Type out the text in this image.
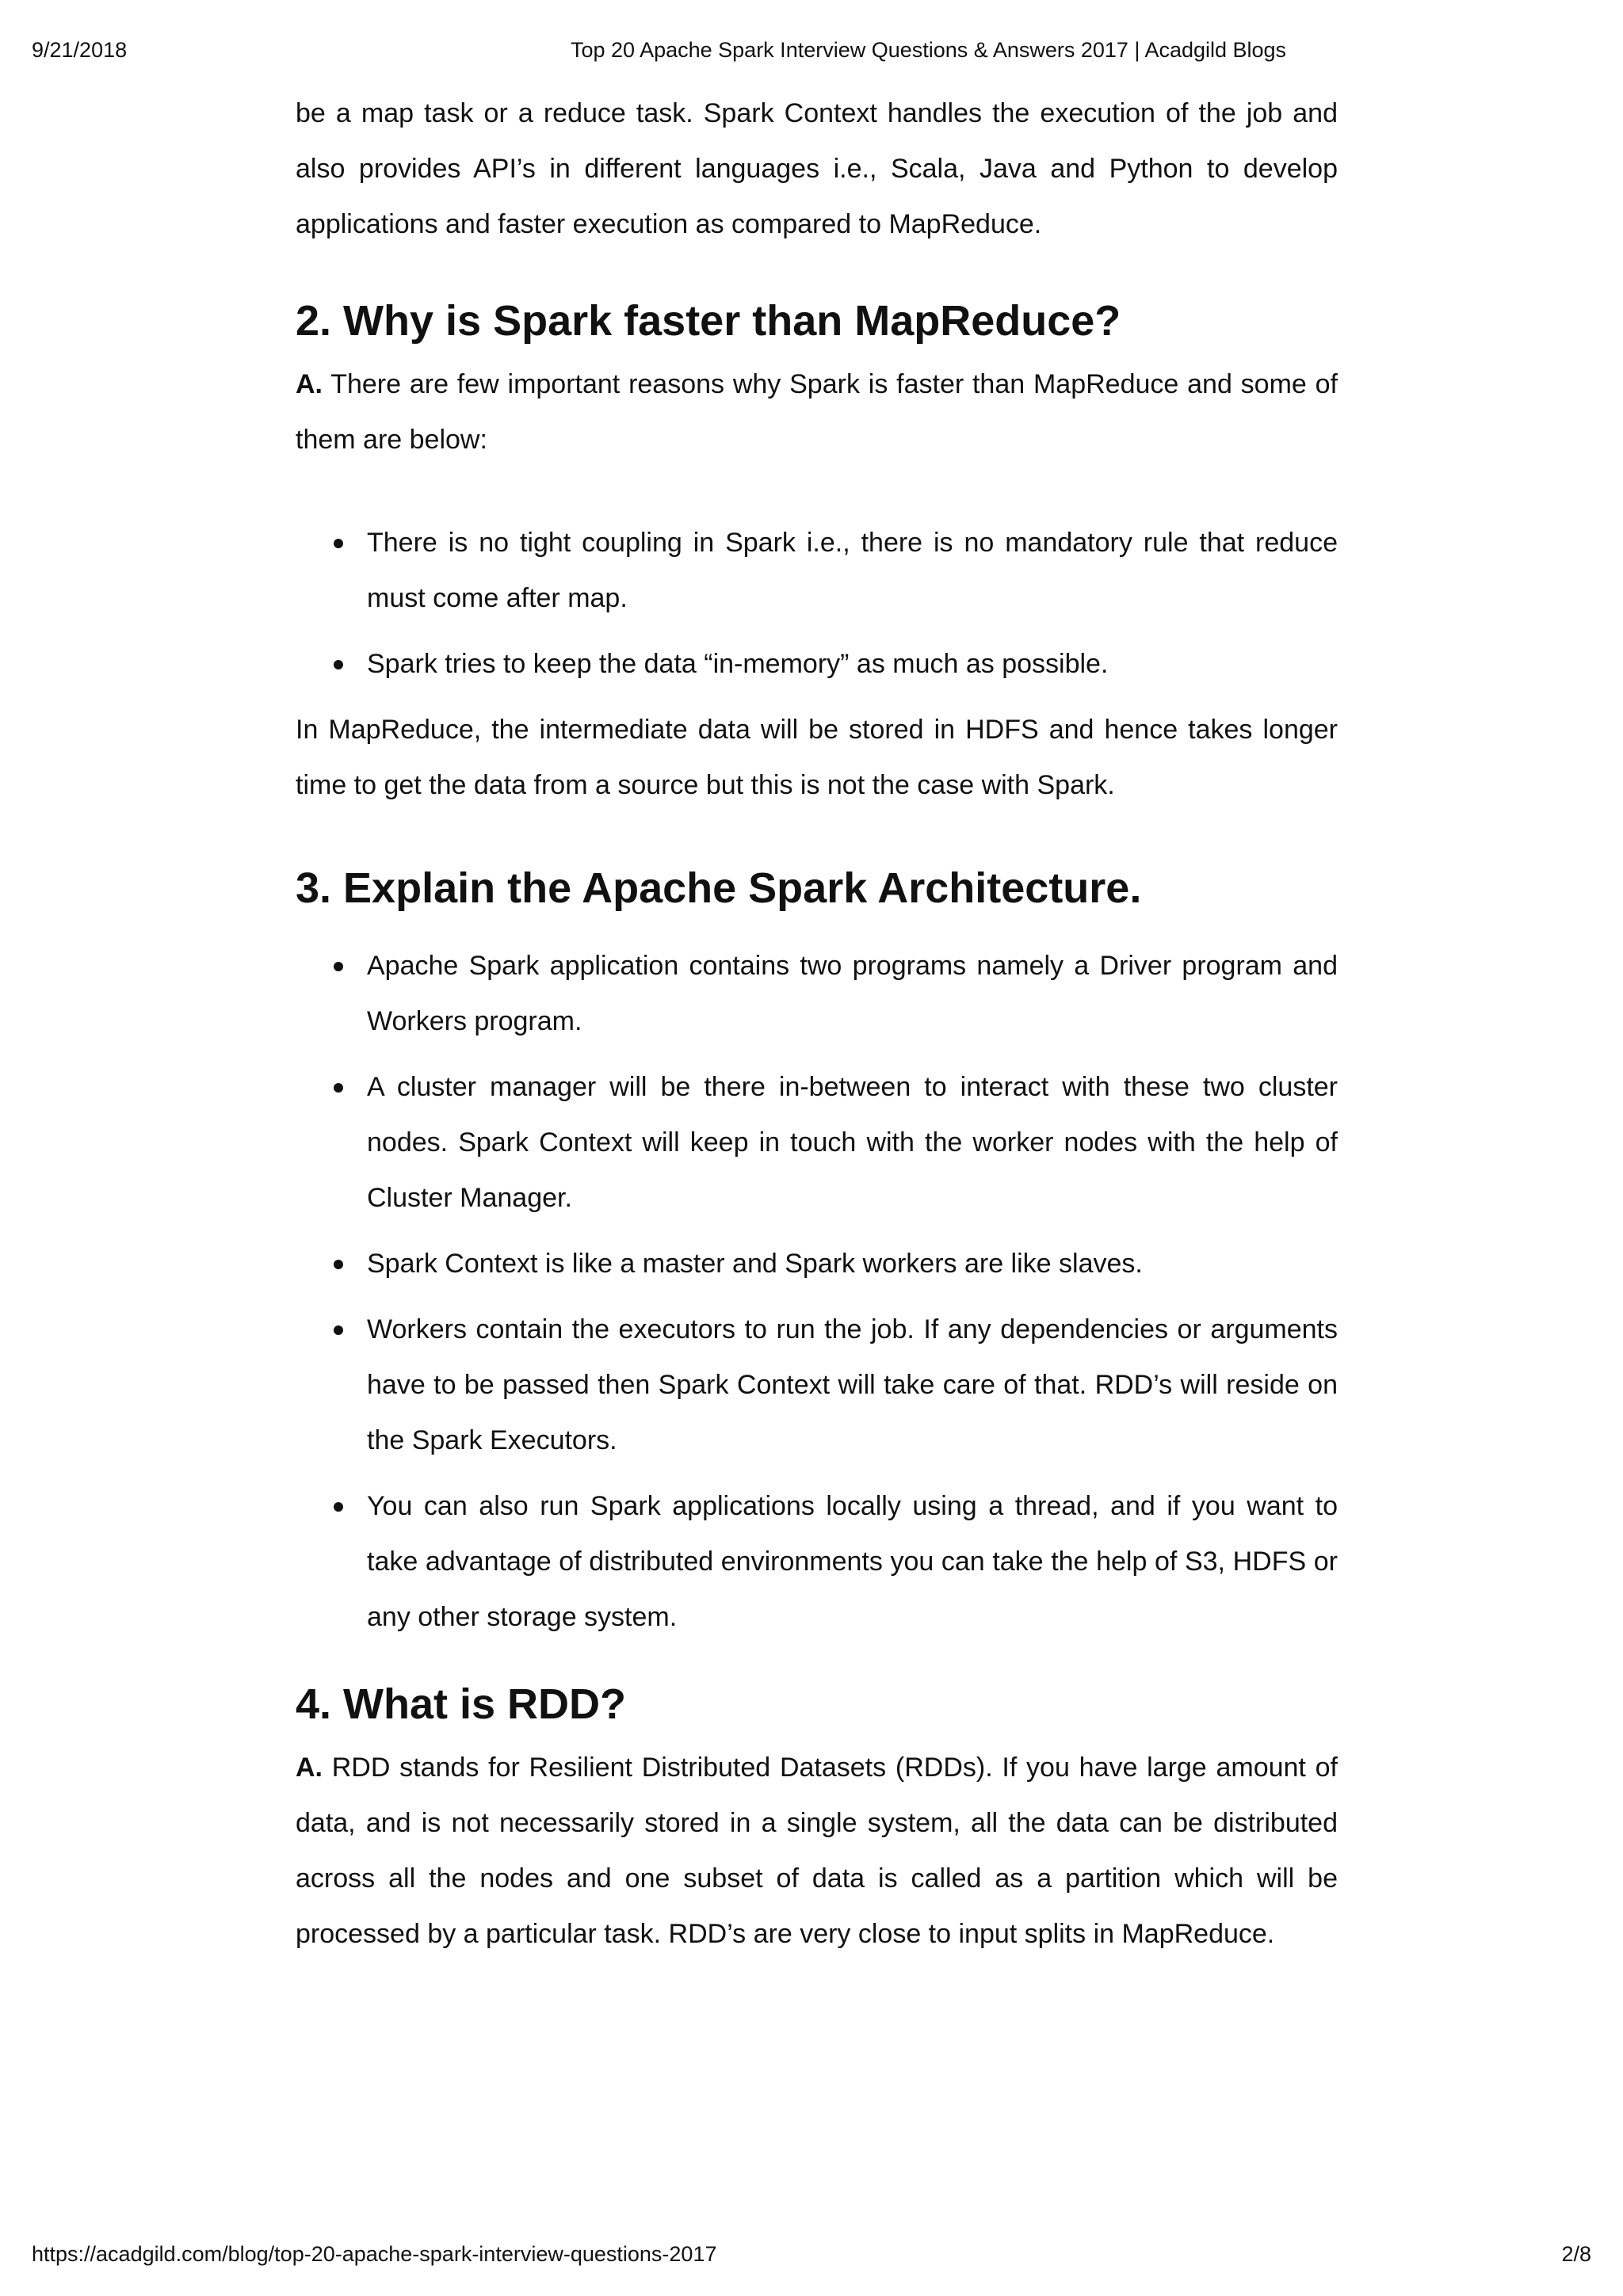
9/21/2018	Top 20 Apache Spark Interview Questions & Answers 2017 | Acadgild Blogs

be a map task or a reduce task. Spark Context handles the execution of the job and also provides API’s in different languages i.e., Scala, Java and Python to develop applications and faster execution as compared to MapReduce.

2. Why is Spark faster than MapReduce?

A. There are few important reasons why Spark is faster than MapReduce and some of them are below:

There is no tight coupling in Spark i.e., there is no mandatory rule that reduce must come after map.
Spark tries to keep the data “in-memory” as much as possible.

In MapReduce, the intermediate data will be stored in HDFS and hence takes longer time to get the data from a source but this is not the case with Spark.

3. Explain the Apache Spark Architecture.
Apache Spark application contains two programs namely a Driver program and Workers program.
A cluster manager will be there in-between to interact with these two cluster nodes. Spark Context will keep in touch with the worker nodes with the help of Cluster Manager.
Spark Context is like a master and Spark workers are like slaves.
Workers contain the executors to run the job. If any dependencies or arguments have to be passed then Spark Context will take care of that. RDD’s will reside on the Spark Executors.
You can also run Spark applications locally using a thread, and if you want to take advantage of distributed environments you can take the help of S3, HDFS or any other storage system.
4. What is RDD?

A. RDD stands for Resilient Distributed Datasets (RDDs). If you have large amount of data, and is not necessarily stored in a single system, all the data can be distributed across all the nodes and one subset of data is called as a partition which will be processed by a particular task. RDD’s are very close to input splits in MapReduce.

https://acadgild.com/blog/top-20-apache-spark-interview-questions-2017	2/8
